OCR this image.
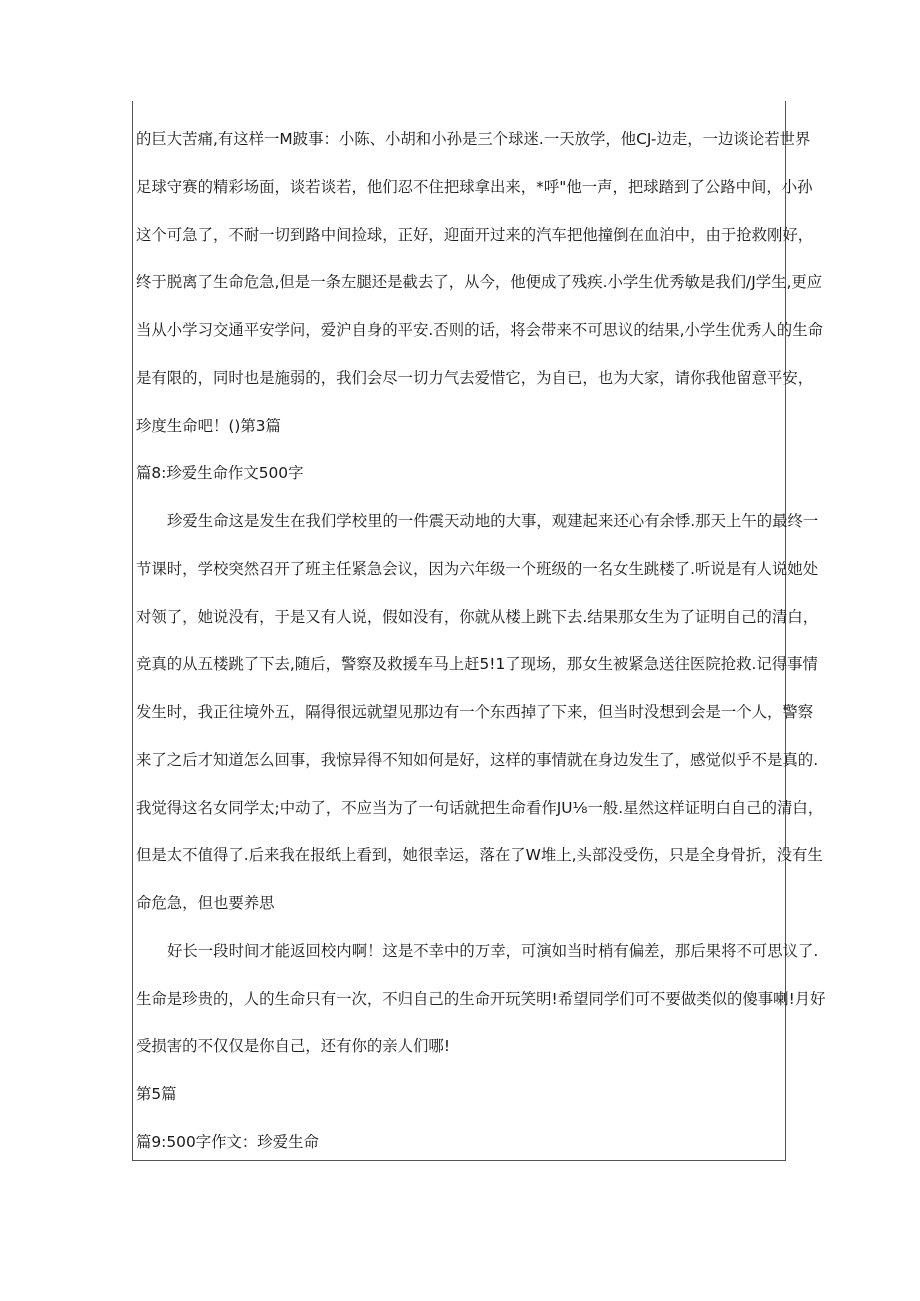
的巨大苦痛,有这样一M跛事：小陈、小胡和小孙是三个球迷.一天放学，他CJ-边走，一边谈论若世界
足球守赛的精彩场面，谈若谈若，他们忍不住把球拿出来，*呼"他一声，把球踏到了公路中间，小孙
这个可急了，不耐一切到路中间捡球，正好，迎面开过来的汽车把他撞倒在血泊中，由于抢救刚好，
终于脱离了生命危急,但是一条左腿还是截去了，从今，他便成了残疾.小学生优秀敏是我们/J学生,更应
当从小学习交通平安学问，爱沪自身的平安.否则的话，将会带来不可思议的结果,小学生优秀人的生命
是有限的，同时也是施弱的，我们会尽一切力气去爱惜它，为自已，也为大家，请你我他留意平安，
珍度生命吧！()第3篇
篇8:珍爱生命作文500字
珍爱生命这是发生在我们学校里的一件震天动地的大事，观建起来还心有余悸.那天上午的最终一
节课时，学校突然召开了班主任紧急会议，因为六年级一个班级的一名女生跳楼了.听说是有人说她处
对领了，她说没有，于是又有人说，假如没有，你就从楼上跳下去.结果那女生为了证明自己的清白，
竞真的从五楼跳了下去,随后，警察及救援车马上赶5!1了现场，那女生被紧急送往医院抢救.记得事情
发生时，我正往境外五，隔得很远就望见那边有一个东西掉了下来，但当时没想到会是一个人，警察
来了之后才知道怎么回事，我惊异得不知如何是好，这样的事情就在身边发生了，感觉似乎不是真的.
我觉得这名女同学太;中动了，不应当为了一句话就把生命看作JU⅛一般.星然这样证明白自己的清白，
但是太不值得了.后来我在报纸上看到，她很幸运，落在了W堆上,头部没受伤，只是全身骨折，没有生
命危急，但也要养思
好长一段时间才能返回校内啊！这是不幸中的万幸，可演如当时梢有偏差，那后果将不可思议了.
生命是珍贵的，人的生命只有一次，不归自己的生命开玩笑明!希望同学们可不要做类似的傻事喇!月好
受损害的不仅仅是你自己，还有你的亲人们哪!
第5篇
篇9:500字作文：珍爱生命
